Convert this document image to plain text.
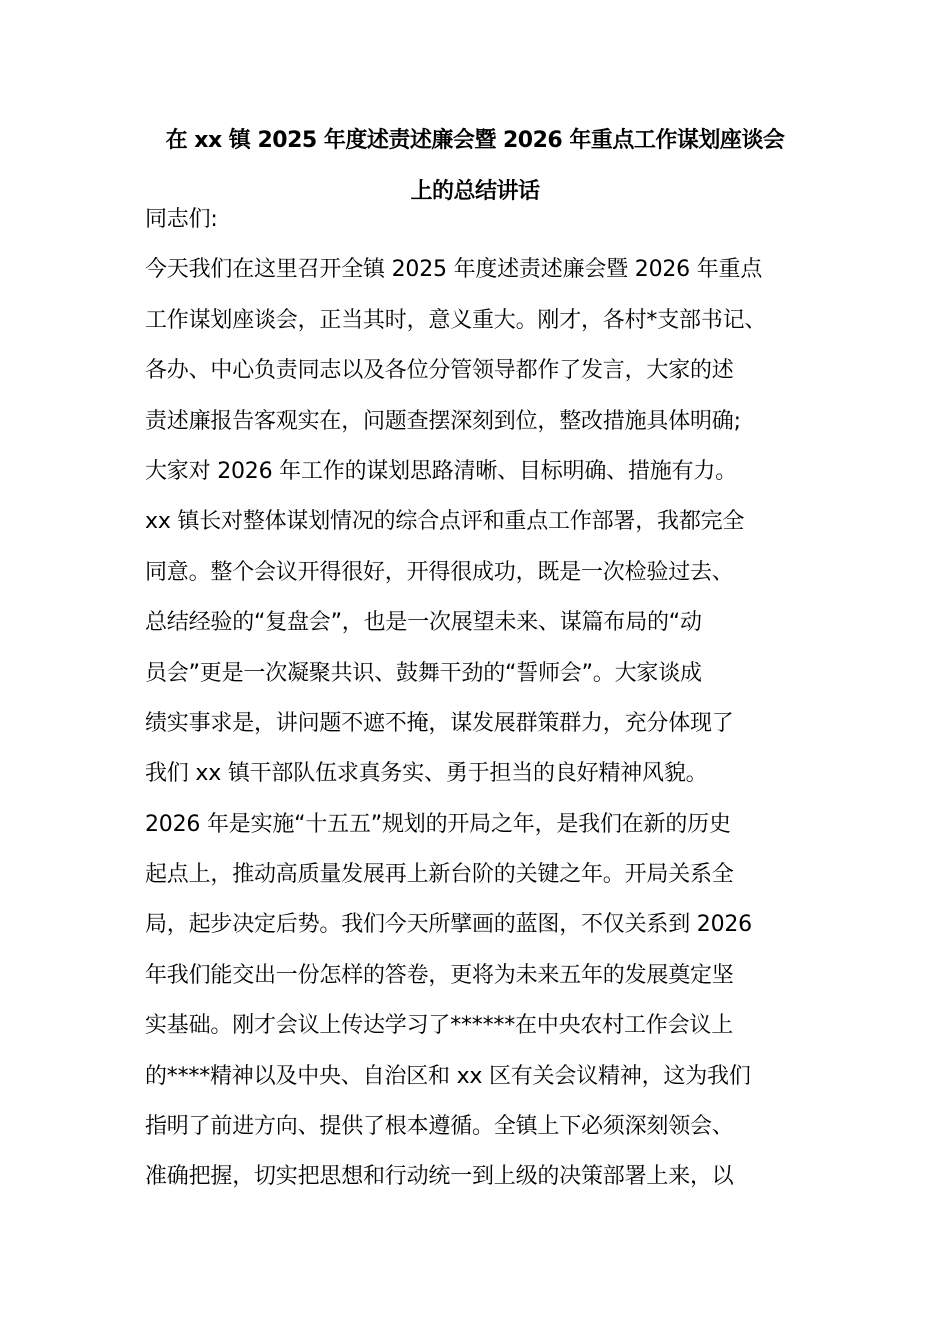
在 xx 镇 2025 年度述责述廉会暨 2026 年重点工作谋划座谈会
上的总结讲话
同志们:
今天我们在这里召开全镇 2025 年度述责述廉会暨 2026 年重点
工作谋划座谈会，正当其时，意义重大。刚才，各村*支部书记、
各办、中心负责同志以及各位分管领导都作了发言，大家的述
责述廉报告客观实在，问题查摆深刻到位，整改措施具体明确;
大家对 2026 年工作的谋划思路清晰、目标明确、措施有力。
xx 镇长对整体谋划情况的综合点评和重点工作部署，我都完全
同意。整个会议开得很好，开得很成功，既是一次检验过去、
总结经验的“复盘会”，也是一次展望未来、谋篇布局的“动
员会”更是一次凝聚共识、鼓舞干劲的“誓师会”。大家谈成
绩实事求是，讲问题不遮不掩，谋发展群策群力，充分体现了
我们 xx 镇干部队伍求真务实、勇于担当的良好精神风貌。
2026 年是实施“十五五”规划的开局之年，是我们在新的历史
起点上，推动高质量发展再上新台阶的关键之年。开局关系全
局，起步决定后势。我们今天所擘画的蓝图，不仅关系到 2026
年我们能交出一份怎样的答卷，更将为未来五年的发展奠定坚
实基础。刚才会议上传达学习了******在中央农村工作会议上
的****精神以及中央、自治区和 xx 区有关会议精神，这为我们
指明了前进方向、提供了根本遵循。全镇上下必须深刻领会、
准确把握，切实把思想和行动统一到上级的决策部署上来，以
